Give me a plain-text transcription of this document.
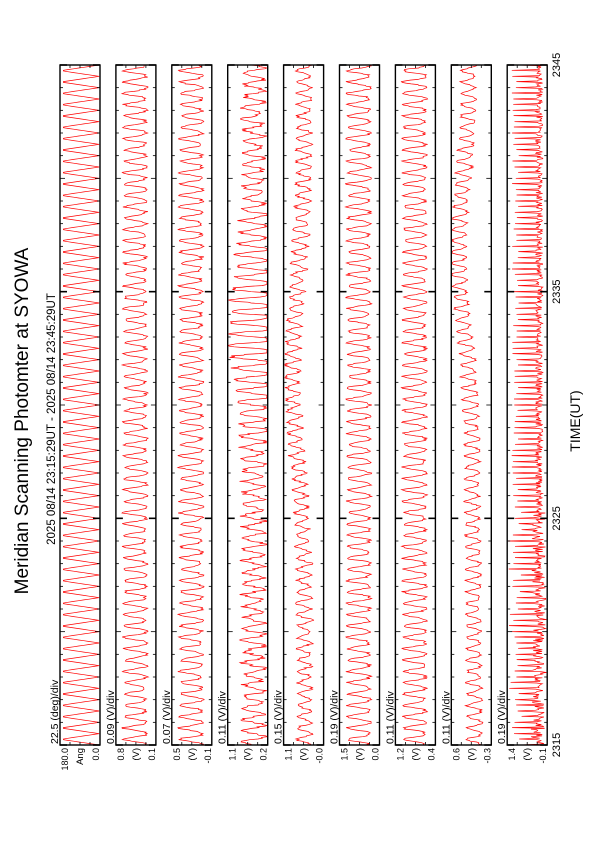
Meridian Scanning Photomter at SYOWA 2025 08/14 23:15:29UT - 2025 08/14 23:45:29UT	TIME(UT)
22.5 (deg)/div
180.0 0.0
Ang
0.09 (V)/div
0.8 0.1
(V)
0.07 (V)/div
0.5 -0.1
(V)
0.11 (V)/div
1.1 0.2
(V)
0.15 (V)/div
1.1 -0.0
(V)
0.19 (V)/div
1.5 0.0
(V)
0.11 (V)/div
1.2 0.4
(V)
0.11 (V)/div
0.6 -0.3
(V)
0.19 (V)/div
1.4 -0.1
(V) 2315
2325
2335
2345
